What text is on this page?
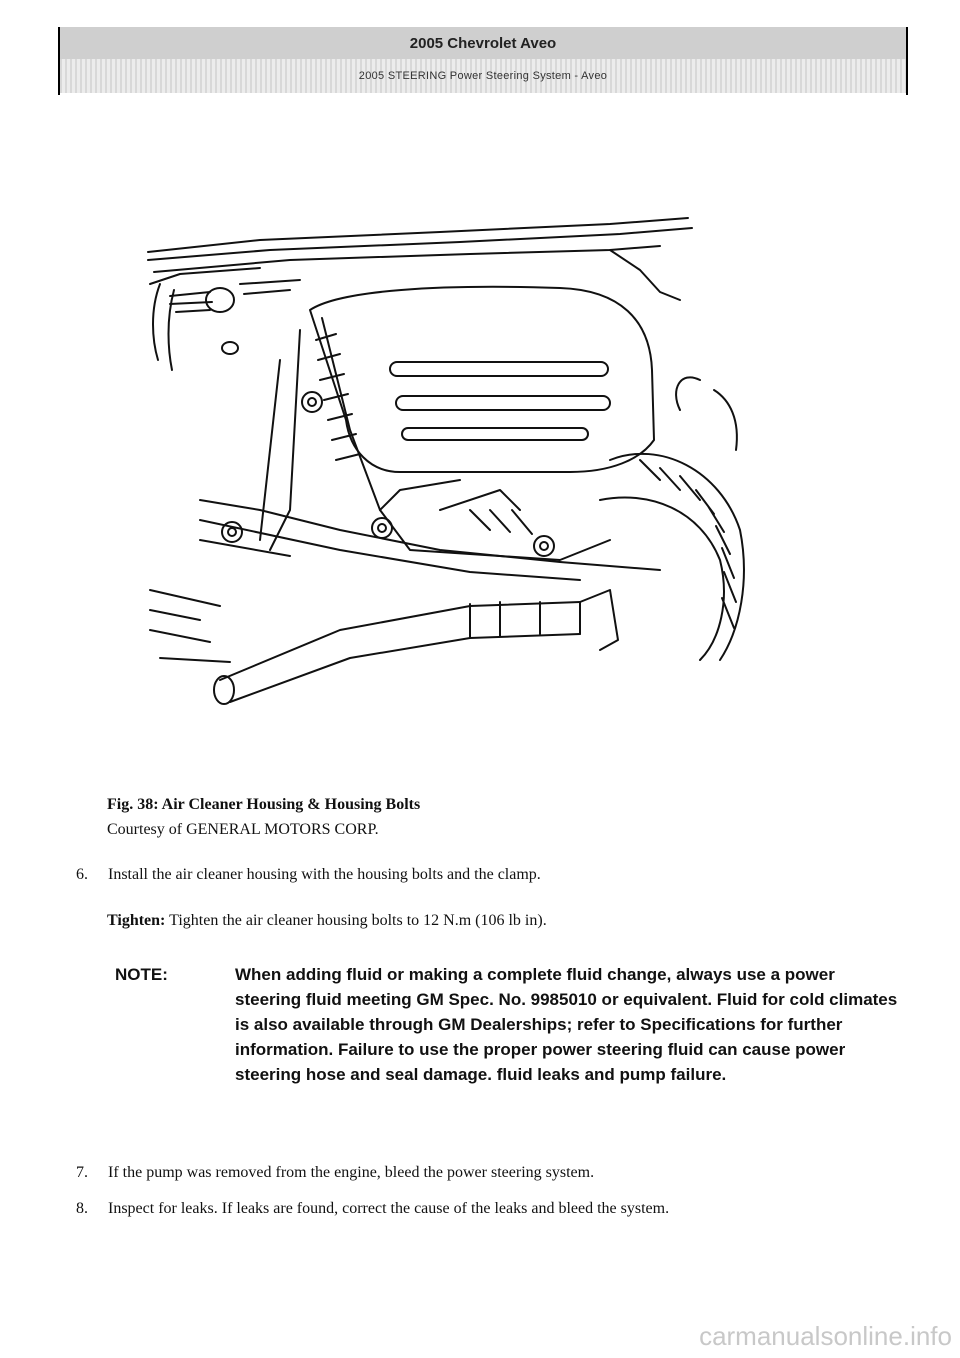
2005 Chevrolet Aveo
2005 STEERING Power Steering System - Aveo
Fig. 38: Air Cleaner Housing & Housing Bolts
Courtesy of GENERAL MOTORS CORP.
6. Install the air cleaner housing with the housing bolts and the clamp.
Tighten: Tighten the air cleaner housing bolts to 12 N.m (106 lb in).
NOTE:	When adding fluid or making a complete fluid change, always use a power steering fluid meeting GM Spec. No. 9985010 or equivalent. Fluid for cold climates is also available through GM Dealerships; refer to Specifications for further information. Failure to use the proper power steering fluid can cause power steering hose and seal damage. fluid leaks and pump failure.
7. If the pump was removed from the engine, bleed the power steering system.
8. Inspect for leaks. If leaks are found, correct the cause of the leaks and bleed the system.
carmanualsonline.info
